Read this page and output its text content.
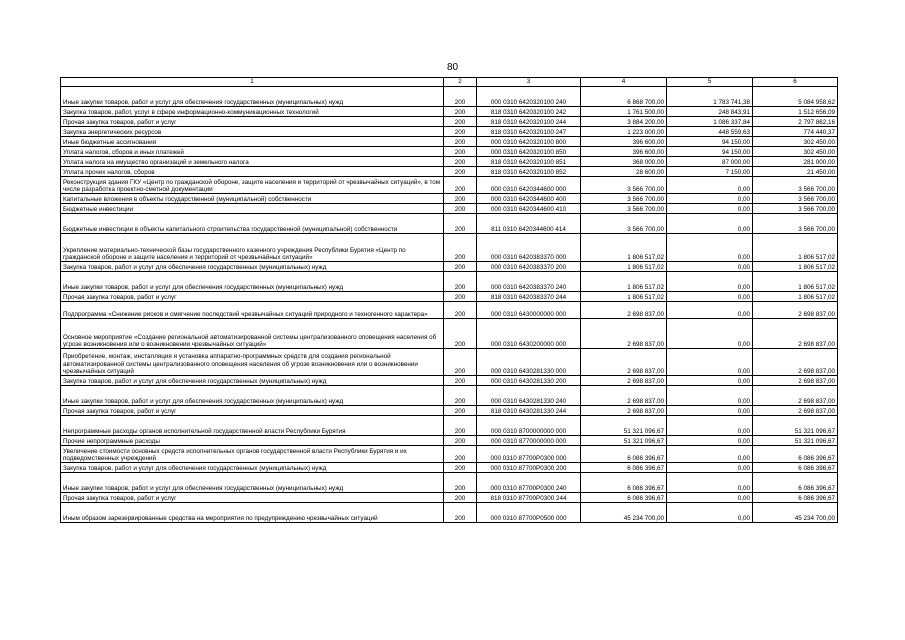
80
1	2	3	4	5	6
Иные закупки товаров, работ и услуг для обеспечения государственных (муниципальных) нужд	200	000 0310 6420320100 240	6 868 700,00	1 783 741,38	5 084 958,62
Закупка товаров, работ, услуг в сфере информационно-коммуникационных технологий	200	818 0310 6420320100 242	1 761 500,00	248 843,91	1 512 656,09
Прочая закупка товаров, работ и услуг	200	818 0310 6420320100 244	3 884 200,00	1 086 337,84	2 797 862,16
Закупка энергетических ресурсов	200	818 0310 6420320100 247	1 223 000,00	448 559,63	774 440,37
Иные бюджетные ассигнования	200	000 0310 6420320100 800	396 600,00	94 150,00	302 450,00
Уплата налогов, сборов и иных платежей	200	000 0310 6420320100 850	396 600,00	94 150,00	302 450,00
Уплата налога на имущество организаций и земельного налога	200	818 0310 6420320100 851	368 000,00	87 000,00	281 000,00
Уплата прочих налогов, сборов	200	818 0310 6420320100 852	28 600,00	7 150,00	21 450,00
Реконструкция здания ГКУ «Центр по гражданской обороне, защите населения и территорий от чрезвычайных ситуаций», в том числе разработка проектно-сметной документации	200	000 0310 6420344600 000	3 566 700,00	0,00	3 566 700,00
Капитальные вложения в объекты государственной (муниципальной) собственности	200	000 0310 6420344600 400	3 566 700,00	0,00	3 566 700,00
Бюджетные инвестиции	200	000 0310 6420344600 410	3 566 700,00	0,00	3 566 700,00
Бюджетные инвестиции в объекты капитального строительства государственной (муниципальной) собственности	200	811 0310 6420344600 414	3 566 700,00	0,00	3 566 700,00
Укрепление материально-технической базы государственного казенного учреждения Республики Бурятия «Центр по гражданской обороне и защите населения и территорий от чрезвычайных ситуаций»	200	000 0310 6420383370 000	1 806 517,02	0,00	1 806 517,02
Закупка товаров, работ и услуг для обеспечения государственных (муниципальных) нужд	200	000 0310 6420383370 200	1 806 517,02	0,00	1 806 517,02
Иные закупки товаров, работ и услуг для обеспечения государственных (муниципальных) нужд	200	000 0310 6420383370 240	1 806 517,02	0,00	1 806 517,02
Прочая закупка товаров, работ и услуг	200	818 0310 6420383370 244	1 806 517,02	0,00	1 806 517,02
Подпрограмма «Снижение рисков и смягчение последствий чрезвычайных ситуаций природного и техногенного характера»	200	000 0310 6430000000 000	2 698 837,00	0,00	2 698 837,00
Основное мероприятие «Создание региональной автоматизированной системы централизованного оповещения населения об угрозе возникновения или о возникновении чрезвычайных ситуаций»	200	000 0310 6430200000 000	2 698 837,00	0,00	2 698 837,00
Приобретение, монтаж, инсталляция и установка аппаратно-программных средств для создания региональной автоматизированной системы централизованного оповещения населения об угрозе возникновения или о возникновении чрезвычайных ситуаций	200	000 0310 6430281330 000	2 698 837,00	0,00	2 698 837,00
Закупка товаров, работ и услуг для обеспечения государственных (муниципальных) нужд	200	000 0310 6430281330 200	2 698 837,00	0,00	2 698 837,00
Иные закупки товаров, работ и услуг для обеспечения государственных (муниципальных) нужд	200	000 0310 6430281330 240	2 698 837,00	0,00	2 698 837,00
Прочая закупка товаров, работ и услуг	200	818 0310 6430281330 244	2 698 837,00	0,00	2 698 837,00
Непрограммные расходы органов исполнительной государственной власти Республики Бурятия	200	000 0310 8700000000 000	51 321 096,67	0,00	51 321 096,67
Прочие непрограммные расходы	200	000 0310 8770000000 000	51 321 096,67	0,00	51 321 096,67
Увеличение стоимости основных средств исполнительных органов государственной власти Республики Бурятия и их подведомственных учреждений	200	000 0310 87700P0300 000	6 086 396,67	0,00	6 086 396,67
Закупка товаров, работ и услуг для обеспечения государственных (муниципальных) нужд	200	000 0310 87700P0300 200	6 086 396,67	0,00	6 086 396,67
Иные закупки товаров, работ и услуг для обеспечения государственных (муниципальных) нужд	200	000 0310 87700P0300 240	6 086 396,67	0,00	6 086 396,67
Прочая закупка товаров, работ и услуг	200	818 0310 87700P0300 244	6 086 396,67	0,00	6 086 396,67
Иным образом зарезервированные средства на мероприятия по предупреждению чрезвычайных ситуаций	200	000 0310 87700P0500 000	45 234 700,00	0,00	45 234 700,00
